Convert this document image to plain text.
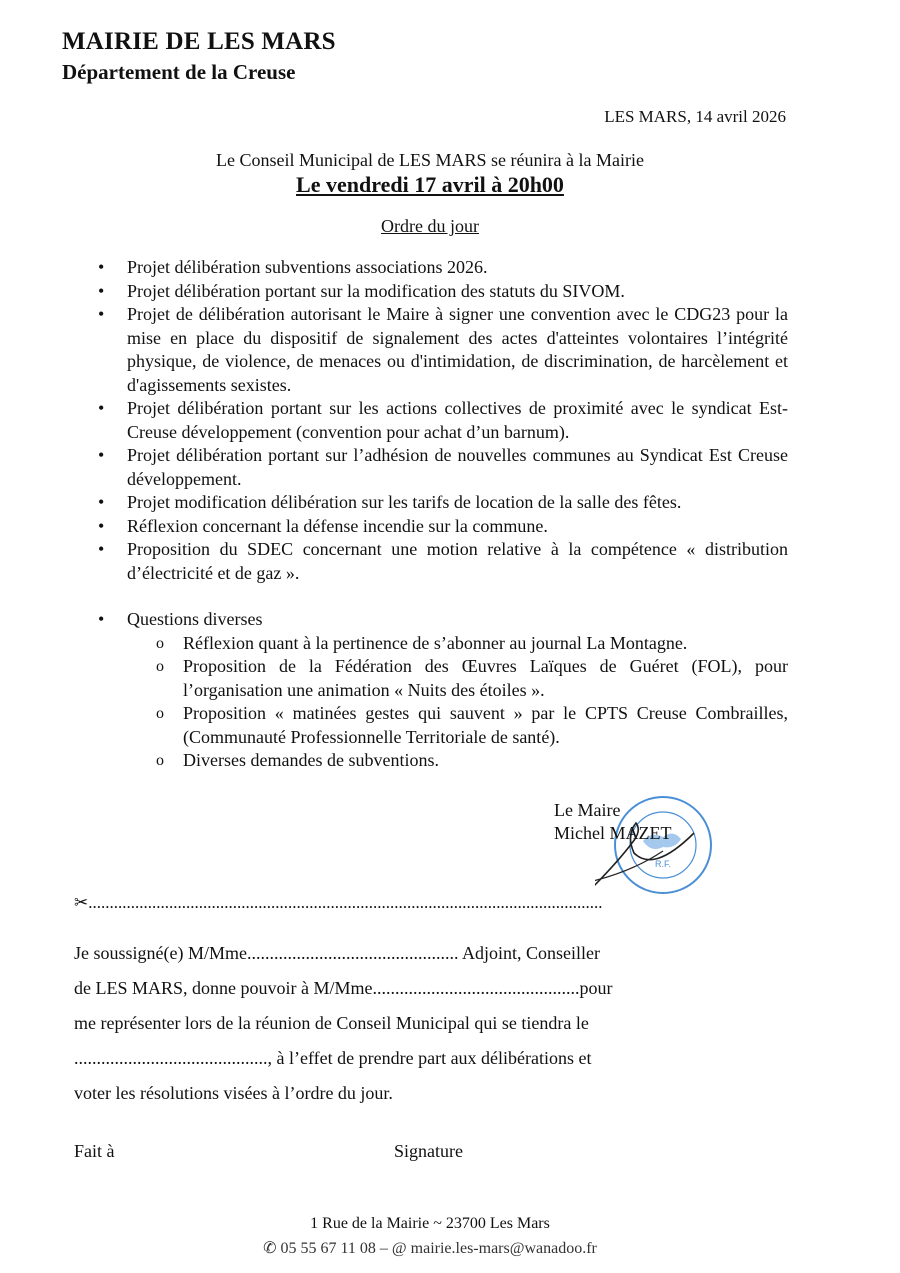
MAIRIE DE LES MARS
Département de la Creuse
LES MARS, 14 avril 2026
Le Conseil Municipal de LES MARS se réunira à la Mairie
Le vendredi 17 avril à 20h00
Ordre du jour
• Projet délibération subventions associations 2026.
• Projet délibération portant sur la modification des statuts du SIVOM.
• Projet de délibération autorisant le Maire à signer une convention avec le CDG23 pour la mise en place du dispositif de signalement des actes d'atteintes volontaires l’intégrité physique, de violence, de menaces ou d'intimidation, de discrimination, de harcèlement et d'agissements sexistes.
• Projet délibération portant sur les actions collectives de proximité avec le syndicat Est-Creuse développement (convention pour achat d’un barnum).
• Projet délibération portant sur l’adhésion de nouvelles communes au Syndicat Est Creuse développement.
• Projet modification délibération sur les tarifs de location de la salle des fêtes.
• Réflexion concernant la défense incendie sur la commune.
• Proposition du SDEC concernant une motion relative à la compétence « distribution d’électricité et de gaz ».
• Questions diverses
o Réflexion quant à la pertinence de s’abonner au journal La Montagne.
o Proposition de la Fédération des Œuvres Laïques de Guéret (FOL), pour l’organisation une animation « Nuits des étoiles ».
o Proposition « matinées gestes qui sauvent » par le CPTS Creuse Combrailles, (Communauté Professionnelle Territoriale de santé).
o Diverses demandes de subventions.
R.F.
Le Maire
Michel MAZET
✂.........................................................................................................................

Je soussigné(e) M/Mme............................................... Adjoint, Conseiller

de LES MARS, donne pouvoir à M/Mme..............................................pour

me représenter lors de la réunion de Conseil Municipal qui se tiendra le

..........................................., à l’effet de prendre part aux délibérations et

voter les résolutions visées à l’ordre du jour.

Fait à	Signature
1 Rue de la Mairie ~ 23700 Les Mars
✆ 05 55 67 11 08 – @ mairie.les-mars@wanadoo.fr
